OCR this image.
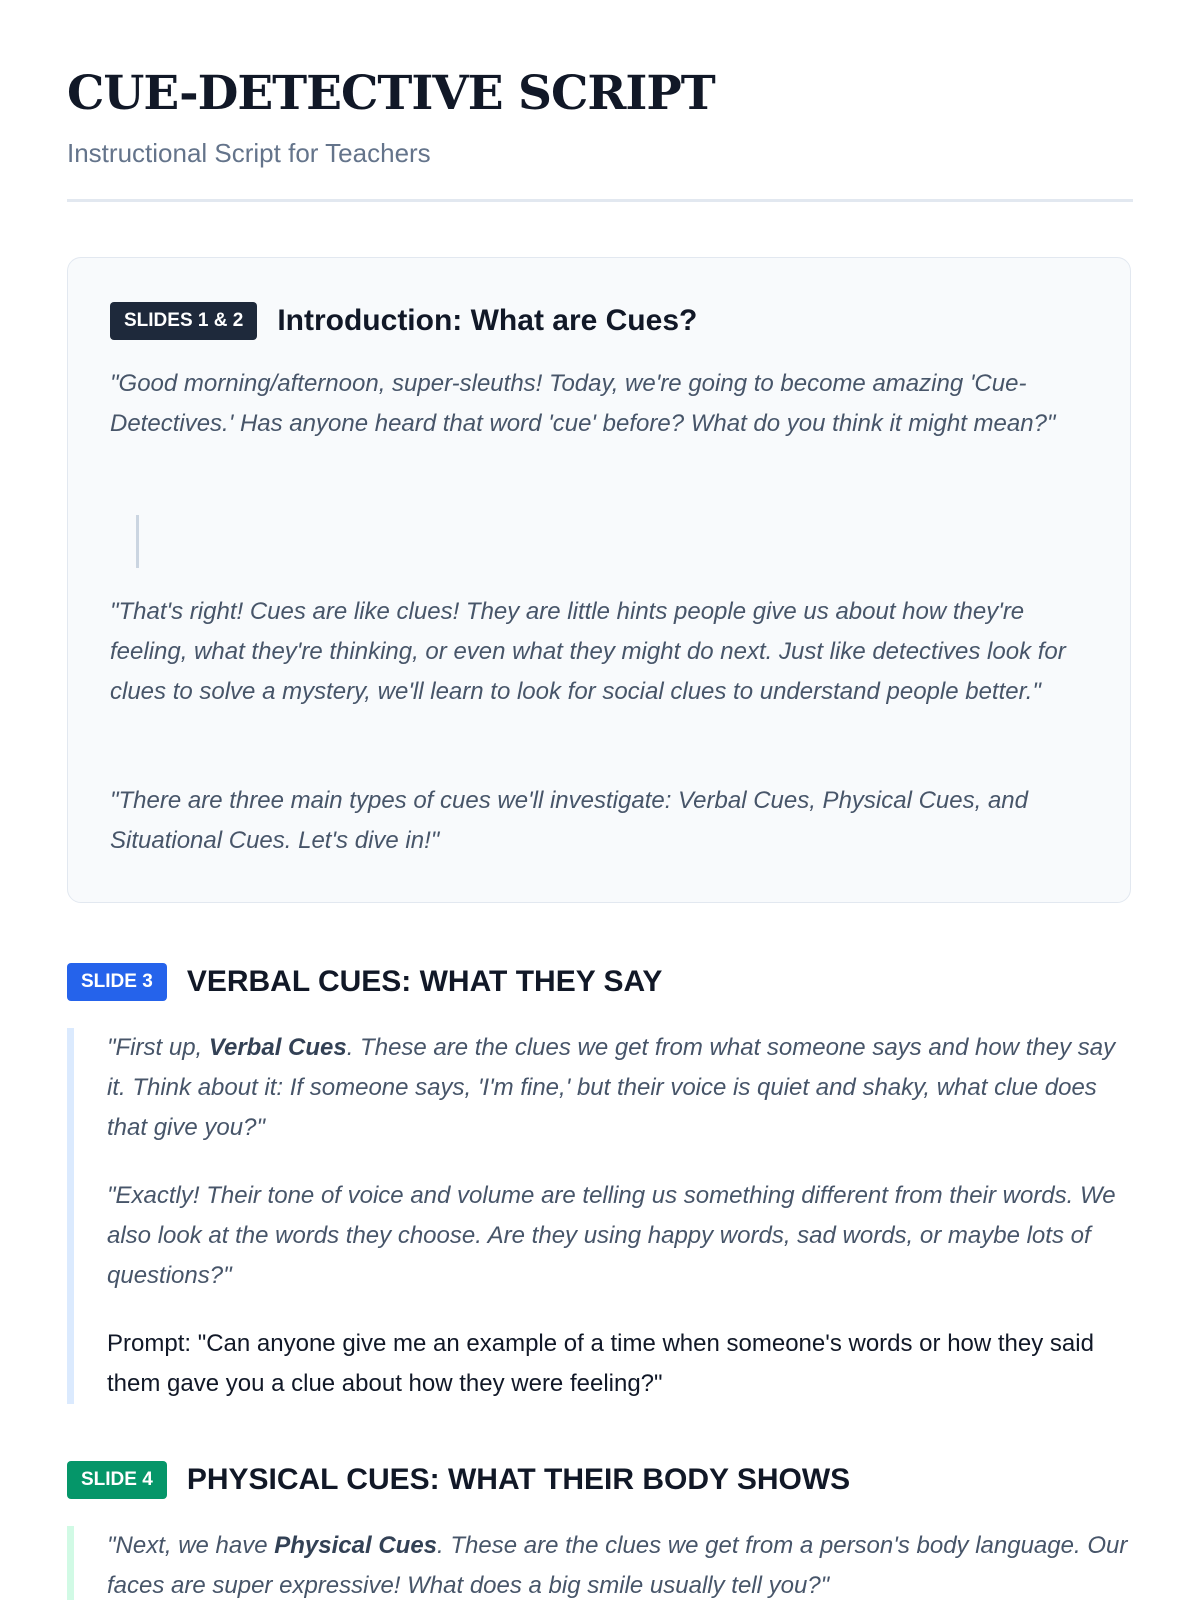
CUE-DETECTIVE SCRIPT
Instructional Script for Teachers
SLIDES 1 & 2	Introduction: What are Cues?

"Good morning/afternoon, super-sleuths! Today, we're going to become amazing 'Cue-Detectives.' Has anyone heard that word 'cue' before? What do you think it might mean?"

"That's right! Cues are like clues! They are little hints people give us about how they're feeling, what they're thinking, or even what they might do next. Just like detectives look for clues to solve a mystery, we'll learn to look for social clues to understand people better."

"There are three main types of cues we'll investigate: Verbal Cues, Physical Cues, and Situational Cues. Let's dive in!"

SLIDE 3	VERBAL CUES: WHAT THEY SAY

"First up, Verbal Cues. These are the clues we get from what someone says and how they say it. Think about it: If someone says, 'I'm fine,' but their voice is quiet and shaky, what clue does that give you?"

"Exactly! Their tone of voice and volume are telling us something different from their words. We also look at the words they choose. Are they using happy words, sad words, or maybe lots of questions?"

Prompt: "Can anyone give me an example of a time when someone's words or how they said them gave you a clue about how they were feeling?"

SLIDE 4	PHYSICAL CUES: WHAT THEIR BODY SHOWS

"Next, we have Physical Cues. These are the clues we get from a person's body language. Our faces are super expressive! What does a big smile usually tell you?"
